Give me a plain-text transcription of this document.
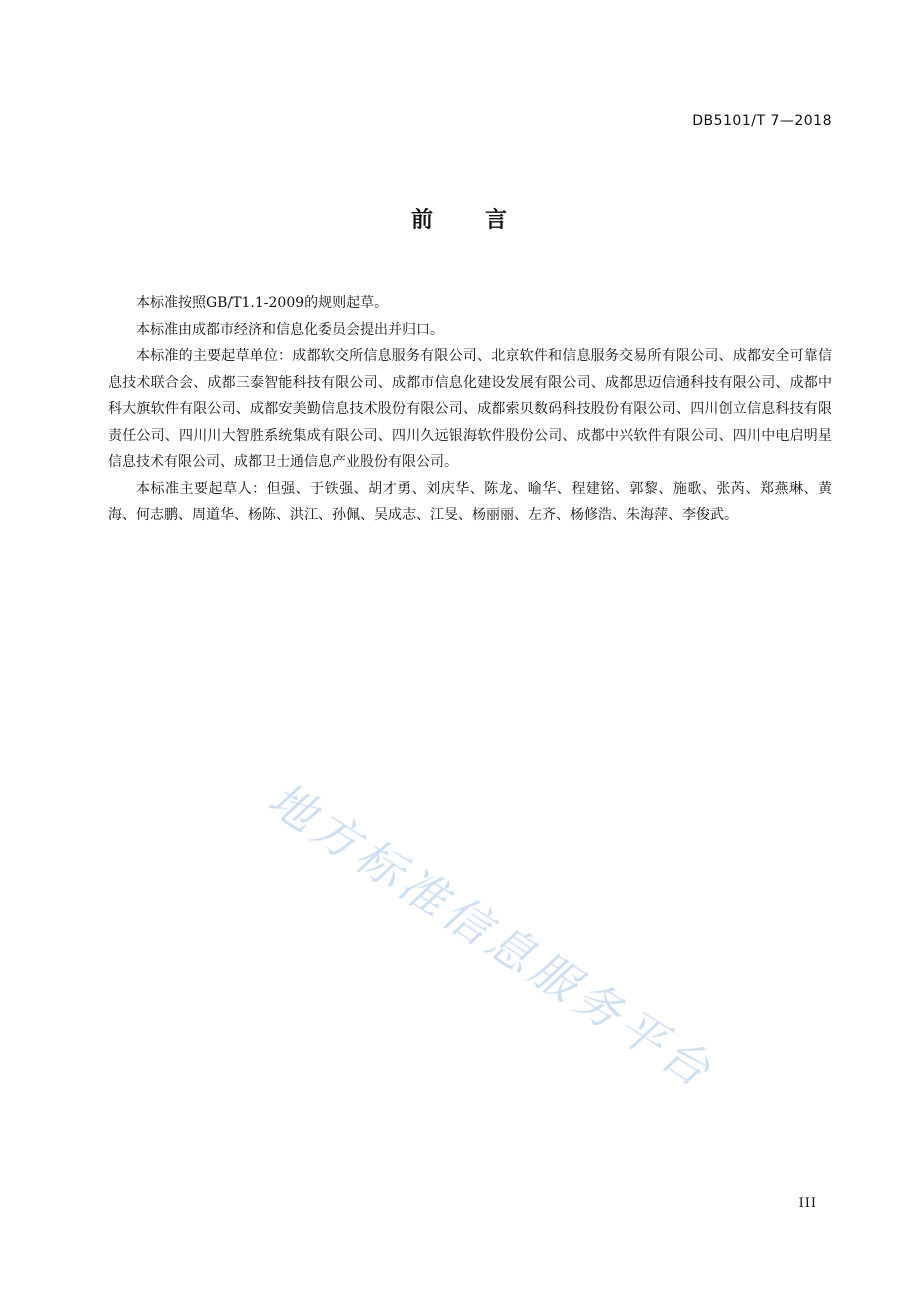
DB5101/T 7—2018
前 言

本标准按照GB/T1.1-2009的规则起草。

本标准由成都市经济和信息化委员会提出并归口。

本标准的主要起草单位：成都软交所信息服务有限公司、北京软件和信息服务交易所有限公司、成都安全可靠信息技术联合会、成都三泰智能科技有限公司、成都市信息化建设发展有限公司、成都思迈信通科技有限公司、成都中科大旗软件有限公司、成都安美勤信息技术股份有限公司、成都索贝数码科技股份有限公司、四川创立信息科技有限责任公司、四川川大智胜系统集成有限公司、四川久远银海软件股份公司、成都中兴软件有限公司、四川中电启明星信息技术有限公司、成都卫士通信息产业股份有限公司。

本标准主要起草人：但强、于铁强、胡才勇、刘庆华、陈龙、喻华、程建铭、郭黎、施歌、张芮、郑燕琳、黄海、何志鹏、周道华、杨陈、洪江、孙佩、吴成志、江旻、杨丽丽、左齐、杨修浩、朱海萍、李俊武。

地方标准信息服务平台
III
